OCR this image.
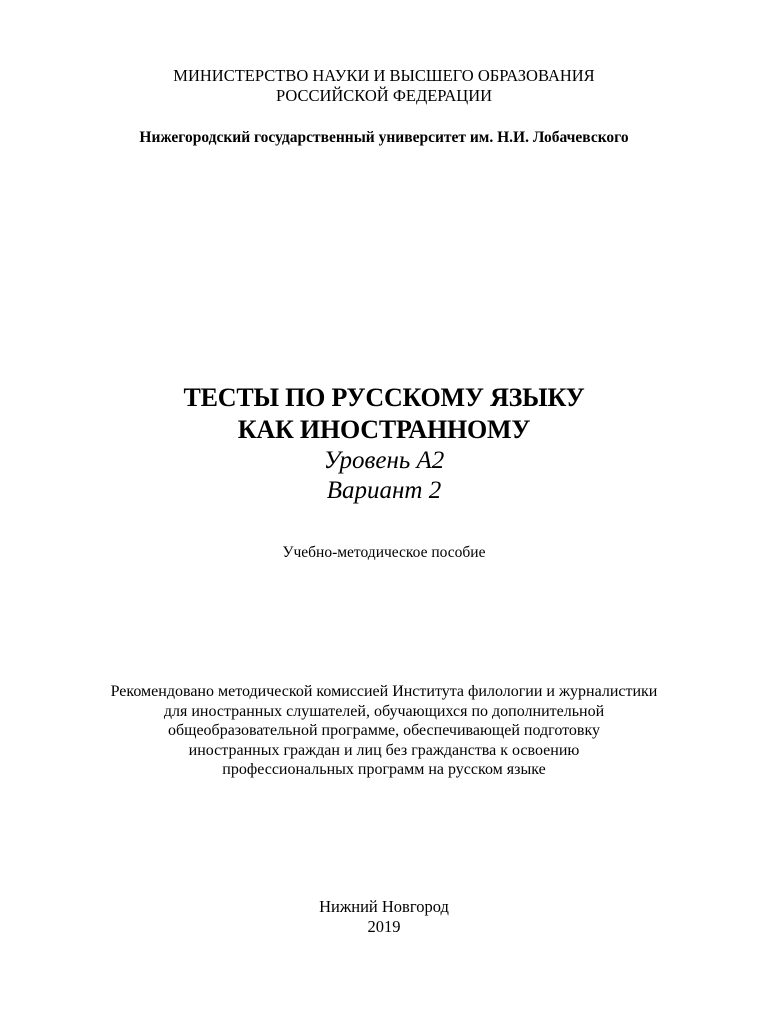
МИНИСТЕРСТВО НАУКИ И ВЫСШЕГО ОБРАЗОВАНИЯ
РОССИЙСКОЙ ФЕДЕРАЦИИ
Нижегородский государственный университет им. Н.И. Лобачевского
ТЕСТЫ ПО РУССКОМУ ЯЗЫКУ
КАК ИНОСТРАННОМУ
Уровень А2
Вариант 2
Учебно-методическое пособие
Рекомендовано методической комиссией Института филологии и журналистики
для иностранных слушателей, обучающихся по дополнительной
общеобразовательной программе, обеспечивающей подготовку
иностранных граждан и лиц без гражданства к освоению
профессиональных программ на русском языке
Нижний Новгород
2019
